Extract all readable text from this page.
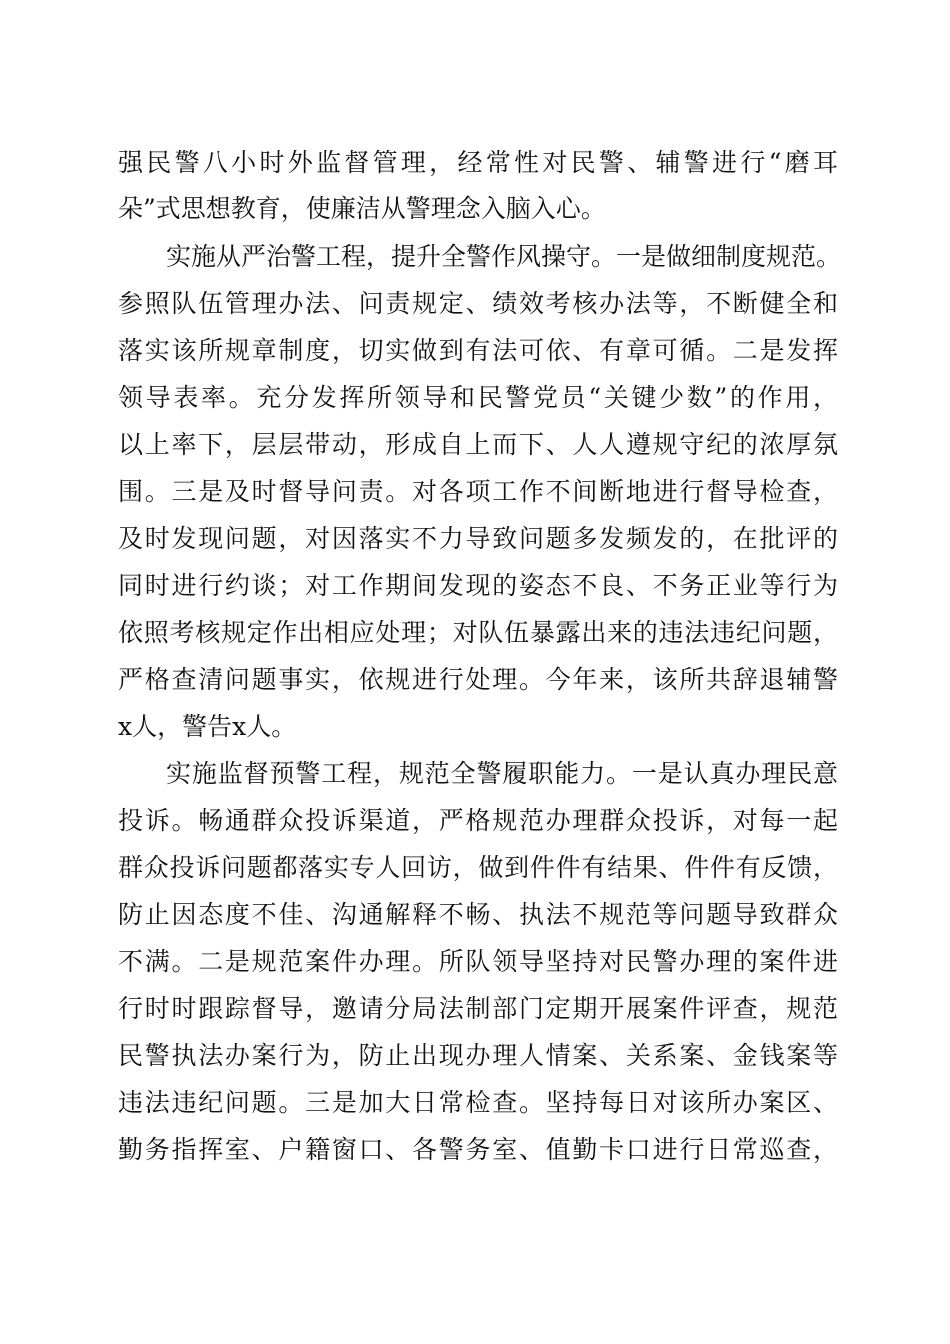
强民警八小时外监督管理，经常性对民警、辅警进行“磨耳
朵”式思想教育，使廉洁从警理念入脑入心。
实施从严治警工程，提升全警作风操守。一是做细制度规范。
参照队伍管理办法、问责规定、绩效考核办法等，不断健全和
落实该所规章制度，切实做到有法可依、有章可循。二是发挥
领导表率。充分发挥所领导和民警党员“关键少数”的作用，
以上率下，层层带动，形成自上而下、人人遵规守纪的浓厚氛
围。三是及时督导问责。对各项工作不间断地进行督导检查，
及时发现问题，对因落实不力导致问题多发频发的，在批评的
同时进行约谈；对工作期间发现的姿态不良、不务正业等行为
依照考核规定作出相应处理；对队伍暴露出来的违法违纪问题，
严格查清问题事实，依规进行处理。今年来，该所共辞退辅警
x人，警告x人。
实施监督预警工程，规范全警履职能力。一是认真办理民意
投诉。畅通群众投诉渠道，严格规范办理群众投诉，对每一起
群众投诉问题都落实专人回访，做到件件有结果、件件有反馈，
防止因态度不佳、沟通解释不畅、执法不规范等问题导致群众
不满。二是规范案件办理。所队领导坚持对民警办理的案件进
行时时跟踪督导，邀请分局法制部门定期开展案件评查，规范
民警执法办案行为，防止出现办理人情案、关系案、金钱案等
违法违纪问题。三是加大日常检查。坚持每日对该所办案区、
勤务指挥室、户籍窗口、各警务室、值勤卡口进行日常巡查，
